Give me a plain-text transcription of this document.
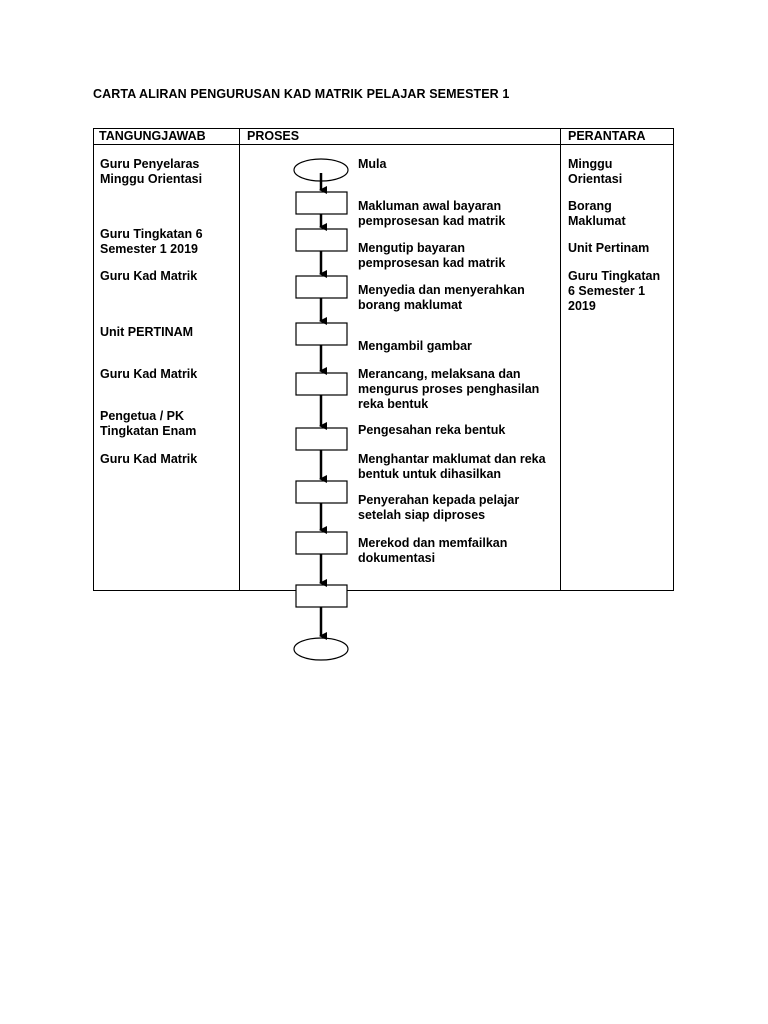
CARTA ALIRAN PENGURUSAN KAD MATRIK PELAJAR SEMESTER 1
TANGUNGJAWAB	PROSES	PERANTARA
Guru Penyelaras
Minggu Orientasi
Guru Tingkatan 6
Semester 1 2019
Guru Kad Matrik
Unit PERTINAM
Guru Kad Matrik
Pengetua / PK
Tingkatan Enam
Guru Kad Matrik
Mula
Makluman awal bayaran
pemprosesan kad matrik
Mengutip bayaran
pemprosesan kad matrik
Menyedia dan menyerahkan
borang maklumat
Mengambil gambar
Merancang, melaksana dan
mengurus proses penghasilan
reka bentuk
Pengesahan reka bentuk
Menghantar maklumat dan reka
bentuk untuk dihasilkan
Penyerahan kepada pelajar
setelah siap diproses
Merekod dan memfailkan
dokumentasi
Minggu
Orientasi
Borang
Maklumat
Unit Pertinam
Guru Tingkatan
6 Semester 1
2019
